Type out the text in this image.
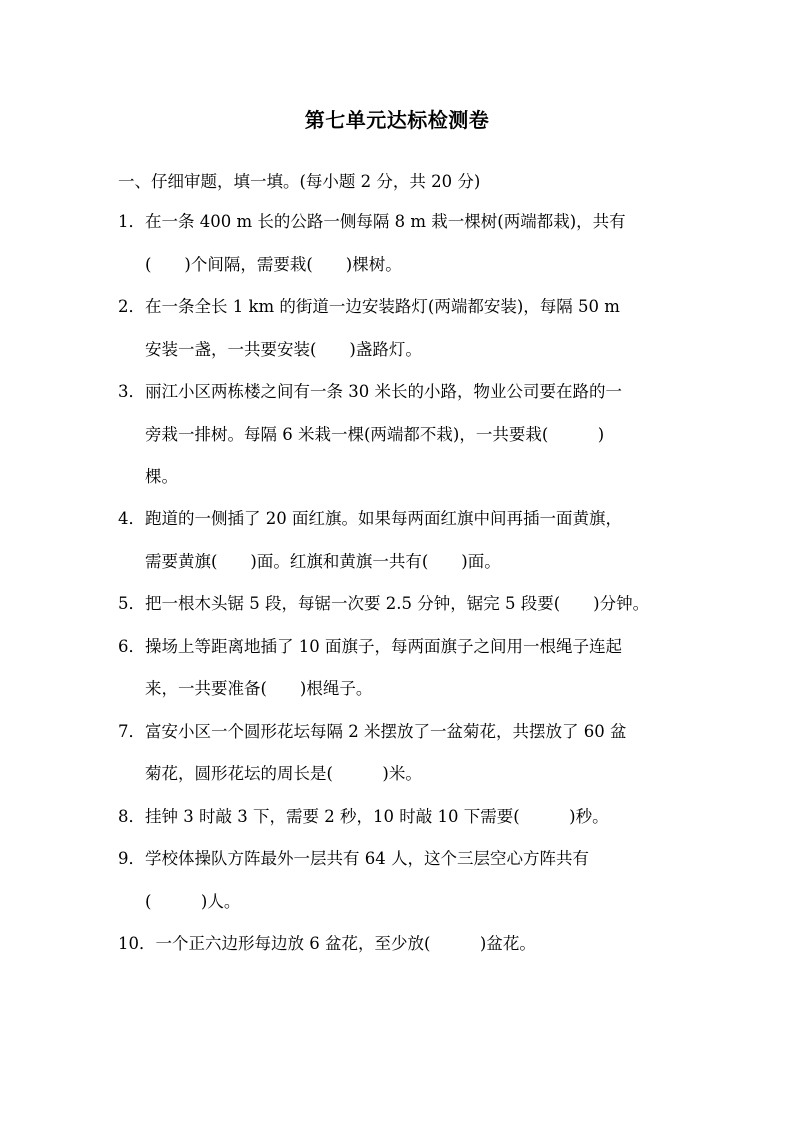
第七单元达标检测卷
一、仔细审题，填一填。(每小题 2 分，共 20 分)
1．在一条 400 m 长的公路一侧每隔 8 m 栽一棵树(两端都栽)，共有
(　　)个间隔，需要栽(　　)棵树。
2．在一条全长 1 km 的街道一边安装路灯(两端都安装)，每隔 50 m
安装一盏，一共要安装(　　)盏路灯。
3．丽江小区两栋楼之间有一条 30 米长的小路，物业公司要在路的一
旁栽一排树。每隔 6 米栽一棵(两端都不栽)，一共要栽(　　　)
棵。
4．跑道的一侧插了 20 面红旗。如果每两面红旗中间再插一面黄旗，
需要黄旗(　　)面。红旗和黄旗一共有(　　)面。
5．把一根木头锯 5 段，每锯一次要 2.5 分钟，锯完 5 段要(　　)分钟。
6．操场上等距离地插了 10 面旗子，每两面旗子之间用一根绳子连起
来，一共要准备(　　)根绳子。
7．富安小区一个圆形花坛每隔 2 米摆放了一盆菊花，共摆放了 60 盆
菊花，圆形花坛的周长是(　　　)米。
8．挂钟 3 时敲 3 下，需要 2 秒，10 时敲 10 下需要(　　　)秒。
9．学校体操队方阵最外一层共有 64 人，这个三层空心方阵共有
(　　　)人。
10．一个正六边形每边放 6 盆花，至少放(　　　)盆花。
